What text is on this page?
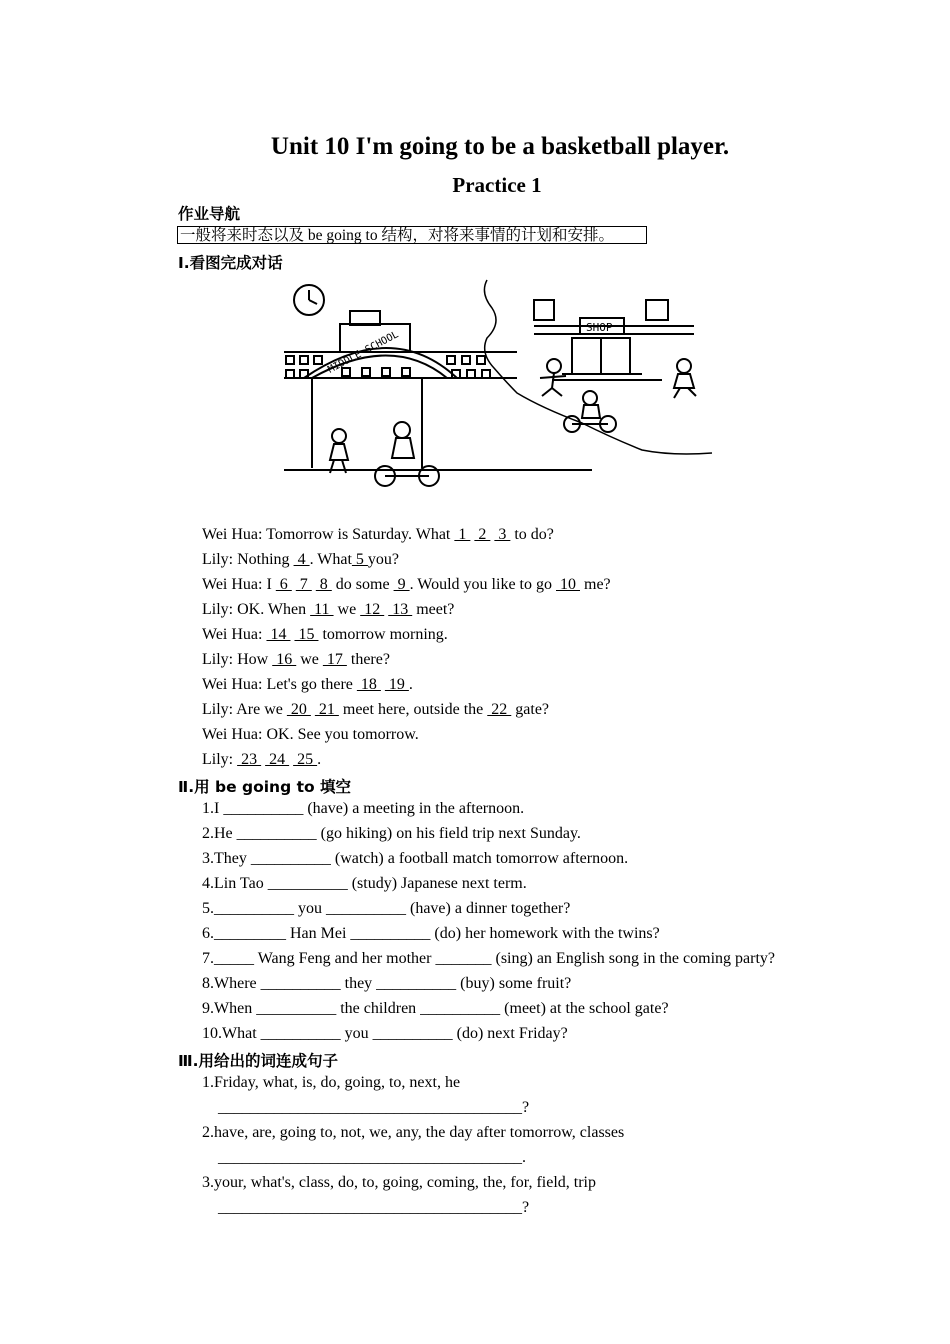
Unit 10 I'm going to be a basketball player.
Practice 1
作业导航
一般将来时态以及 be going to 结构，对将来事情的计划和安排。
Ⅰ.看图完成对话
MIDDLE SCHOOL
SHOP
Wei Hua: Tomorrow is Saturday. What  1   2   3  to do?
Lily: Nothing  4 . What 5 you?
Wei Hua: I  6   7   8  do some  9 . Would you like to go  10  me?
Lily: OK. When  11  we  12   13  meet?
Wei Hua:  14   15  tomorrow morning.
Lily: How  16  we  17  there?
Wei Hua: Let's go there  18   19 .
Lily: Are we  20   21  meet here, outside the  22  gate?
Wei Hua: OK. See you tomorrow.
Lily:  23   24   25 .
Ⅱ.用 be going to 填空
1.I __________ (have) a meeting in the afternoon.
2.He __________ (go hiking) on his field trip next Sunday.
3.They __________ (watch) a football match tomorrow afternoon.
4.Lin Tao __________ (study) Japanese next term.
5.__________ you __________ (have) a dinner together?
6._________ Han Mei __________ (do) her homework with the twins?
7._____ Wang Feng and her mother _______ (sing) an English song in the coming party?
8.Where __________ they __________ (buy) some fruit?
9.When __________ the children __________ (meet) at the school gate?
10.What __________ you __________ (do) next Friday?
Ⅲ.用给出的词连成句子
1.Friday, what, is, do, going, to, next, he
______________________________________?
2.have, are, going to, not, we, any, the day after tomorrow, classes
______________________________________.
3.your, what's, class, do, to, going, coming, the, for, field, trip
______________________________________?
